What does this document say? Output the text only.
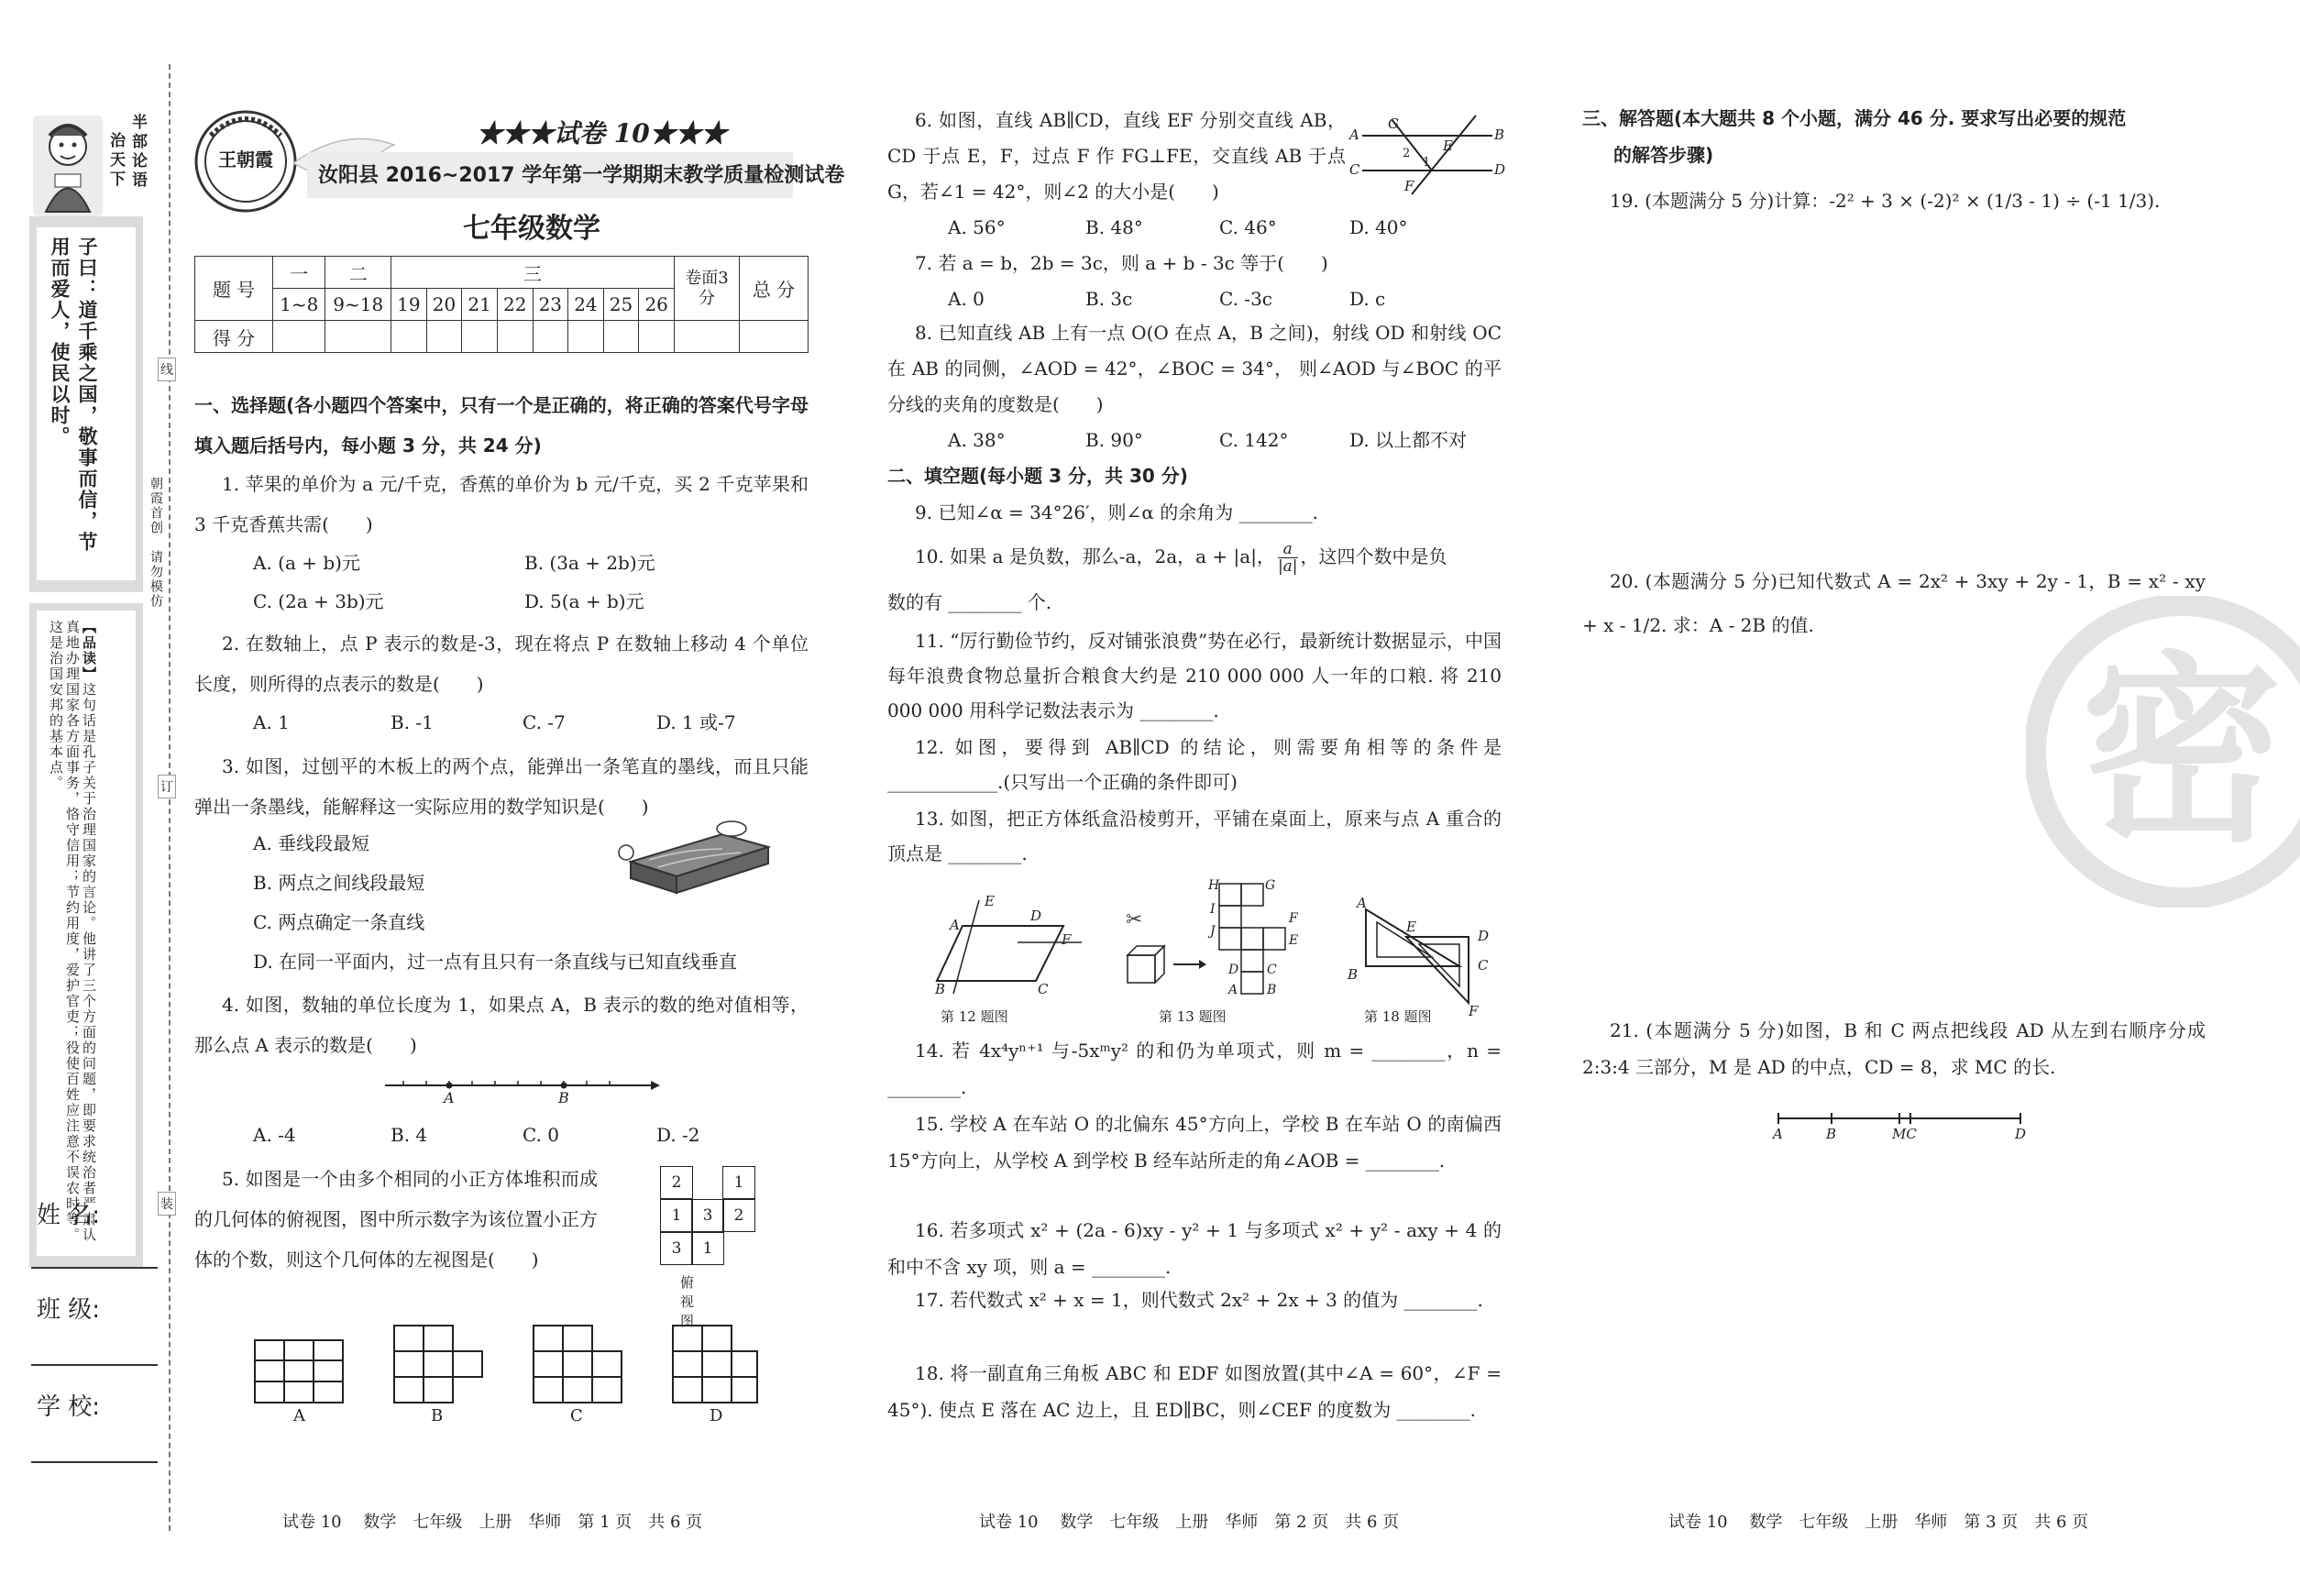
半部论语
治天下
子曰：道千乘之国，敬事而信，节用而爱人，使民以时。
【品读】这句话是孔子关于治理国家的言论。他讲了三个方面的问题，即要求统治者严肃认真地办理国家各方面事务，恪守信用；节约用度，爱护官吏；役使百姓应注意不误农时等。这是治国安邦的基本点。
姓 名:
班 级:
学 校:
线
订
装
朝霞首创　请勿模仿
王朝霞
★★★试卷 10★★★
汝阳县 2016~2017 学年第一学期期末教学质量检测试卷
七年级数学
题 号	一	二	三								卷面3 分	总 分
	1~8	9~18	19	20	21	22	23	24	25	26		
得 分												
一、选择题(各小题四个答案中，只有一个是正确的，将正确的答案代号字母填入题后括号内，每小题 3 分，共 24 分)
1. 苹果的单价为 a 元/千克，香蕉的单价为 b 元/千克，买 2 千克苹果和 3 千克香蕉共需(　　)
A. (a + b)元	B. (3a + 2b)元
C. (2a + 3b)元	D. 5(a + b)元
2. 在数轴上，点 P 表示的数是-3，现在将点 P 在数轴上移动 4 个单位长度，则所得的点表示的数是(　　)
A. 1	B. -1	C. -7	D. 1 或-7
3. 如图，过刨平的木板上的两个点，能弹出一条笔直的墨线，而且只能弹出一条墨线，能解释这一实际应用的数学知识是(　　)
A. 垂线段最短
B. 两点之间线段最短
C. 两点确定一条直线
D. 在同一平面内，过一点有且只有一条直线与已知直线垂直
4. 如图，数轴的单位长度为 1，如果点 A，B 表示的数的绝对值相等，那么点 A 表示的数是(　　)
A	B
A. -4	B. 4	C. 0	D. -2
5. 如图是一个由多个相同的小正方体堆积而成的几何体的俯视图，图中所示数字为该位置小正方体的个数，则这个几何体的左视图是(　　)
2	1
1	3	2
3	1
俯视图
A	B	C	D
试卷 10　 数学　七年级　上册　华师　第 1 页　共 6 页
6. 如图，直线 AB∥CD，直线 EF 分别交直线 AB，CD 于点 E，F，过点 F 作 FG⊥FE，交直线 AB 于点 G，若∠1 = 42°，则∠2 的大小是(　　)
G
A
E
B
C
F
D
1
2
A. 56°	B. 48°	C. 46°	D. 40°
7. 若 a = b，2b = 3c，则 a + b - 3c 等于(　　)
A. 0	B. 3c	C. -3c	D. c
8. 已知直线 AB 上有一点 O(O 在点 A，B 之间)，射线 OD 和射线 OC 在 AB 的同侧，∠AOD = 42°，∠BOC = 34°， 则∠AOD 与∠BOC 的平分线的夹角的度数是(　　)
A. 38°	B. 90°	C. 142°	D. 以上都不对
二、填空题(每小题 3 分，共 30 分)
9. 已知∠α = 34°26′，则∠α 的余角为 ________.
10. 如果 a 是负数，那么-a，2a，a + |a|， $\frac{a}{|a|}$ ，这四个数中是负
数的有 ________ 个.
11. “厉行勤俭节约，反对铺张浪费”势在必行，最新统计数据显示，中国每年浪费食物总量折合粮食大约是 210 000 000 人一年的口粮. 将 210 000 000 用科学记数法表示为 ________.
12. 如图，要得到 AB∥CD 的结论，则需要角相等的条件是 ____________.(只写出一个正确的条件即可)
13. 如图，把正方体纸盒沿棱剪开，平铺在桌面上，原来与点 A 重合的顶点是 ________.
E
A
D
F
B	C
第 12 题图
✂
H	G
I
F
J
E
D C
A B
第 13 题图
A
E
D
B
C
F
第 18 题图
14. 若 4x⁴yⁿ⁺¹ 与-5xᵐy² 的和仍为单项式，则 m = ________，n = ________.
15. 学校 A 在车站 O 的北偏东 45°方向上，学校 B 在车站 O 的南偏西 15°方向上，从学校 A 到学校 B 经车站所走的角∠AOB = ________.
16. 若多项式 x² + (2a - 6)xy - y² + 1 与多项式 x² + y² - axy + 4 的和中不含 xy 项，则 a = ________.
17. 若代数式 x² + x = 1，则代数式 2x² + 2x + 3 的值为 ________.
18. 将一副直角三角板 ABC 和 EDF 如图放置(其中∠A = 60°，∠F = 45°). 使点 E 落在 AC 边上，且 ED∥BC，则∠CEF 的度数为 ________.
试卷 10　 数学　七年级　上册　华师　第 2 页　共 6 页
密
三、解答题(本大题共 8 个小题，满分 46 分. 要求写出必要的规范
的解答步骤)
19. (本题满分 5 分)计算：-2² + 3 × (-2)² × (1/3 - 1) ÷ (-1 1/3).
20. (本题满分 5 分)已知代数式 A = 2x² + 3xy + 2y - 1，B = x² - xy + x - 1/2. 求：A - 2B 的值.
21. (本题满分 5 分)如图，B 和 C 两点把线段 AD 从左到右顺序分成 2:3:4 三部分，M 是 AD 的中点，CD = 8，求 MC 的长.
A	B	MC	D
试卷 10　 数学　七年级　上册　华师　第 3 页　共 6 页
